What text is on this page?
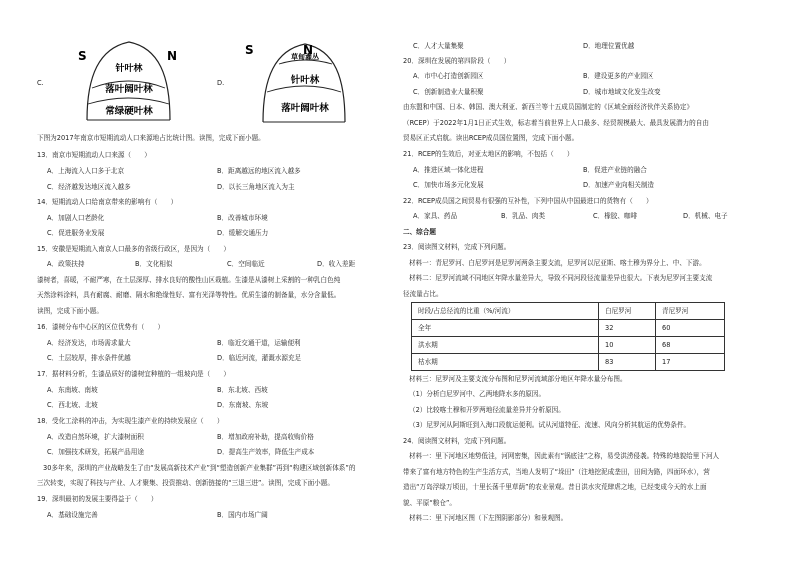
C.
S	N
针叶林
落叶阔叶林
常绿硬叶林
D.
S	N
草甸灌丛
针叶林
落叶阔叶林
下图为2017年南京市短期流动人口来源地占比统计图。读图，完成下面小题。
13．南京市短期流动人口来源（　　）
A．上海流入人口多于北京	B．距离越远的地区流入越多
C．经济越发达地区流入越多	D．以长三角地区流入为主
14．短期流动人口给南京带来的影响有（　　）
A．加剧人口老龄化	B．改善城市环境
C．促进服务业发展	D．缓解交通压力
15．安徽是短期流入南京人口最多的省级行政区，是因为（　　）
A．政策扶持	B．文化相似	C．空间临近	D．收入差距
漆树者，喜暖，不耐严寒，在土层深厚、排水良好的酸性山区栽植。生漆是从漆树上采割的一种乳白色纯
天然涂料涂料，具有耐腐、耐磨、隔水和绝缘性好、富有光泽等特性。优质生漆的制备量，水分含量低。
读图，完成下面小题。
16．漆树分布中心区的区位优势有（　　）
A．经济发达，市场需求量大	B．临近交通干道，运输便利
C．土层较厚，排水条件优越	D．临近河流，灌溉水源充足
17．据材料分析，生漆品质好的漆树宜种植的一组坡向是（　　）
A．东南坡、南坡	B．东北坡、西坡
C．西北坡、北坡	D．东南坡、东坡
18．受化工涂料的冲击，为实现生漆产业的持续发展应（　　）
A．改造自然环境，扩大漆树面积	B．增加政府补助，提高收购价格
C．加强技术研发，拓展产品用途	D．提高生产效率，降低生产成本
30多年来，深圳的产业战略发生了由“发展高新技术产业”到“塑造创新产业集群”再到“构建区域创新体系”的
三次转变，实现了科技与产业、人才聚集、投资推动、创新链接的“三退三进”。读图，完成下面小题。
19．深圳最初的发展主要得益于（　　）
A．基础设施完善	B．国内市场广阔
C．人才大量集聚	D．地理位置优越
20．深圳在发展的第四阶段（　　）
A．市中心打造创新园区	B．建设更多的产业园区
C．创新制造业大量积聚	D．城市地域文化发生改变
由东盟和中国、日本、韩国、澳大利亚、新西兰等十五成员国制定的《区域全面经济伙伴关系协定》
（RCEP）于2022年1月1日正式生效，标志着当前世界上人口最多、经贸规模最大、最具发展潜力的自由
贸易区正式启航。读出RCEP成员国位置图，完成下面小题。
21．RCEP的生效后，对亚太地区的影响，不包括（　　）
A．推进区域一体化进程	B．促进产业链的融合
C．加快市场多元化发展	D．加速产业向相关制造
22．RCEP成员国之间贸易有很强的互补性，下列中国从中国最进口的货物有（　　）
A．家具、药品	B．乳品、肉类	C．橡胶、咖啡	D．机械、电子
二、综合题
23．阅读图文材料，完成下列问题。
材料一：青尼罗河、白尼罗河是尼罗河两条主要支流，尼罗河以尼亚斯、喀土穆为界分上、中、下游。
材料二：尼罗河流域不同地区年降水量差异大，导致不同河段径流量差异也很大。下表为尼罗河主要支流
径流量占比。
时段/占总径流的比重（%/河流）	白尼罗河	青尼罗河
全年	32	60
洪水期	10	68
枯水期	83	17
材料三：尼罗河及主要支流分布图和尼罗河流域部分地区年降水量分布图。
（1）分析白尼罗河中、乙两地降水多的原因。
（2）比较喀土穆和开罗两地径流量差异并分析原因。
（3）尼罗河从阿斯旺到入海口段航运便利。试从河道特征、流速、风向分析其航运的优势条件。
24．阅读图文材料，完成下列问题。
材料一：里下河地区地势低洼，河网密集，因此素有“锅底洼”之称，易受洪涝侵袭。特殊的地貌给里下河人
带来了富有地方特色的生产生活方式，当地人发明了“垛田”（注地挖泥成垄田，田间为路，四面环水），营
造出“万岛浮绿万顷田，十里长荡千里草荫”的农业景观。昔日洪水灾荒肆虐之地，已经变成今天的水上面
貌、平原“粮仓”。
材料二：里下河地区图（下左图阴影部分）和景观图。
